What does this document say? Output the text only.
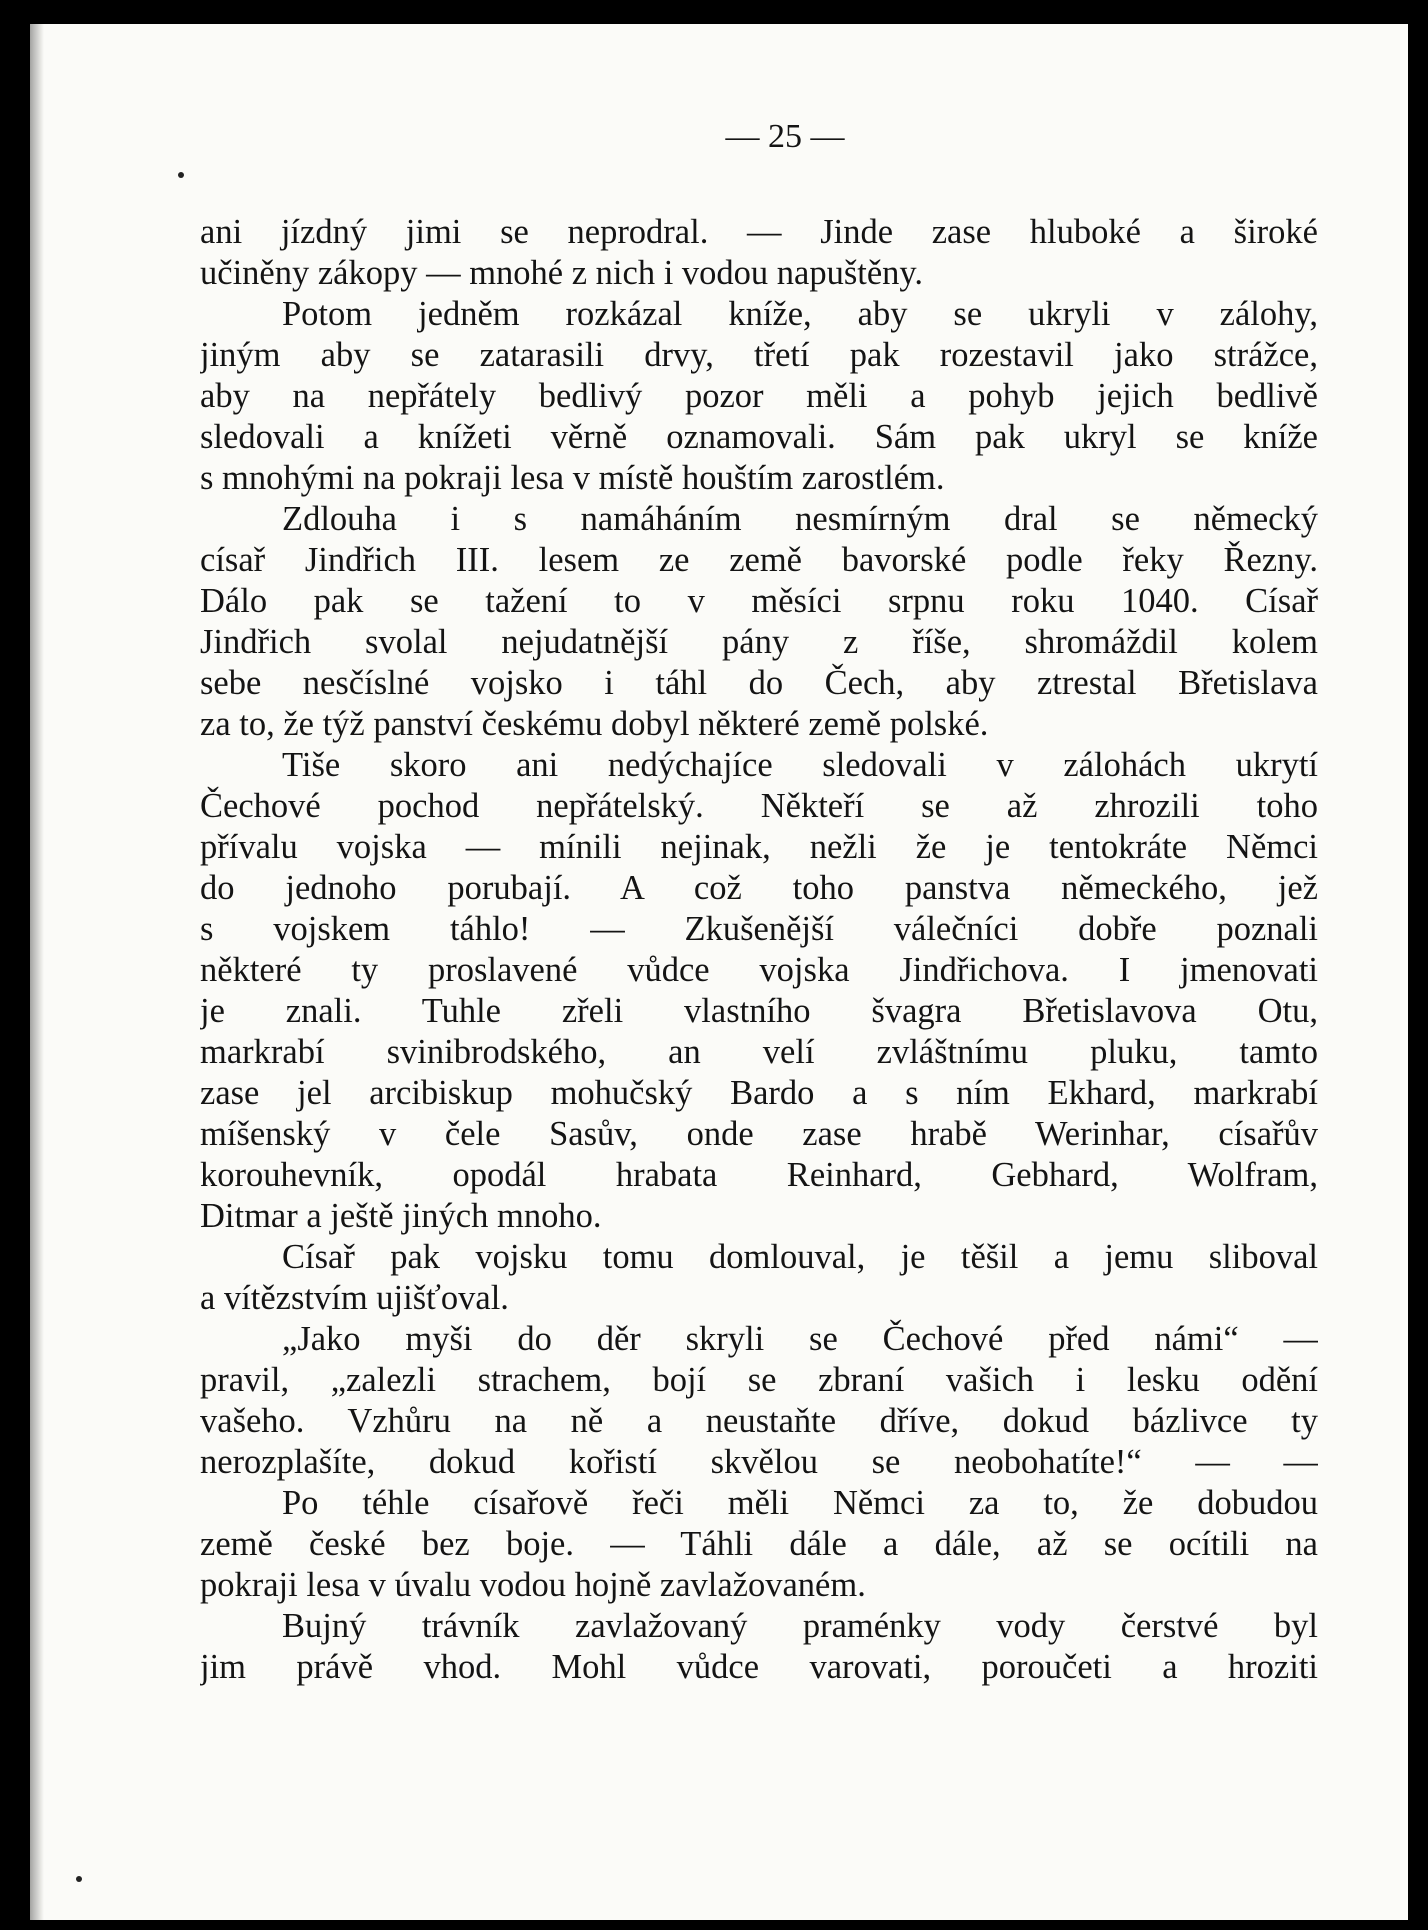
— 25 —
ani jízdný jimi se neprodral. — Jinde zase hluboké a široké
učiněny zákopy — mnohé z nich i vodou napuštěny.
Potom jedněm rozkázal kníže, aby se ukryli v zálohy,
jiným aby se zatarasili drvy, třetí pak rozestavil jako strážce,
aby na nepřátely bedlivý pozor měli a pohyb jejich bedlivě
sledovali a knížeti věrně oznamovali. Sám pak ukryl se kníže
s mnohými na pokraji lesa v místě houštím zarostlém.
Zdlouha i s namáháním nesmírným dral se německý
císař Jindřich III. lesem ze země bavorské podle řeky Řezny.
Dálo pak se tažení to v měsíci srpnu roku 1040. Císař
Jindřich svolal nejudatnější pány z říše, shromáždil kolem
sebe nesčíslné vojsko i táhl do Čech, aby ztrestal Břetislava
za to, že týž panství českému dobyl některé země polské.
Tiše skoro ani nedýchajíce sledovali v zálohách ukrytí
Čechové pochod nepřátelský. Někteří se až zhrozili toho
přívalu vojska — mínili nejinak, nežli že je tentokráte Němci
do jednoho porubají. A což toho panstva německého, jež
s vojskem táhlo! — Zkušenější válečníci dobře poznali
některé ty proslavené vůdce vojska Jindřichova. I jmenovati
je znali. Tuhle zřeli vlastního švagra Břetislavova Otu,
markrabí svinibrodského, an velí zvláštnímu pluku, tamto
zase jel arcibiskup mohučský Bardo a s ním Ekhard, markrabí
míšenský v čele Sasův, onde zase hrabě Werinhar, císařův
korouhevník, opodál hrabata Reinhard, Gebhard, Wolfram,
Ditmar a ještě jiných mnoho.
Císař pak vojsku tomu domlouval, je těšil a jemu sliboval
a vítězstvím ujišťoval.
„Jako myši do děr skryli se Čechové před námi“ —
pravil, „zalezli strachem, bojí se zbraní vašich i lesku odění
vašeho. Vzhůru na ně a neustaňte dříve, dokud bázlivce ty
nerozplašíte, dokud kořistí skvělou se neobohatíte!“ — —
Po téhle císařově řeči měli Němci za to, že dobudou
země české bez boje. — Táhli dále a dále, až se ocítili na
pokraji lesa v úvalu vodou hojně zavlažovaném.
Bujný trávník zavlažovaný praménky vody čerstvé byl
jim právě vhod. Mohl vůdce varovati, poroučeti a hroziti
